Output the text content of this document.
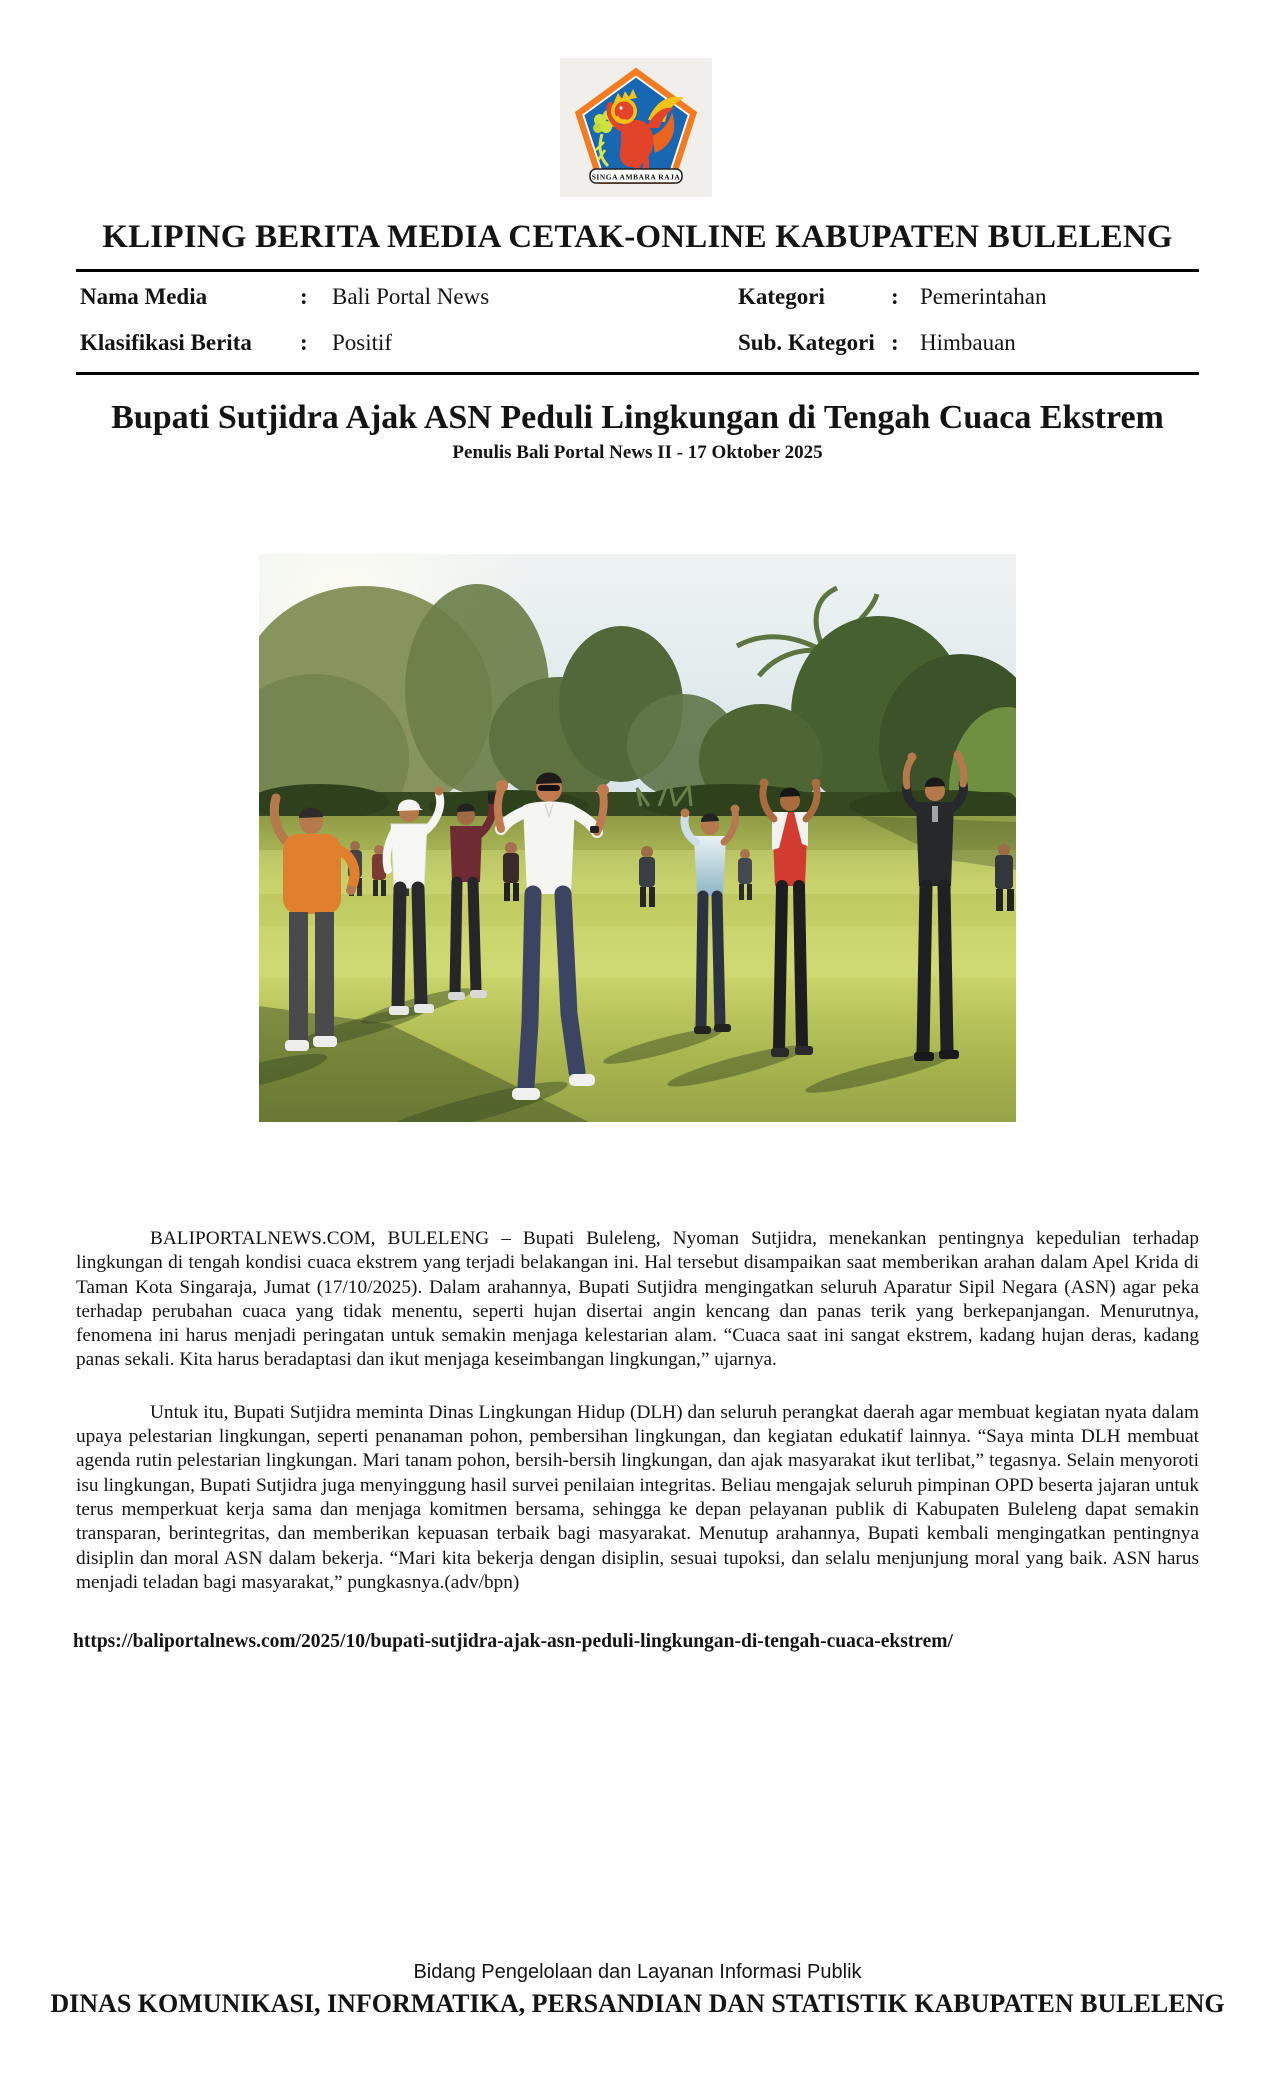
SINGA AMBARA RAJA
KLIPING BERITA MEDIA CETAK-ONLINE KABUPATEN BULELENG
Nama Media	: Bali Portal News	Kategori	: Pemerintahan
Klasifikasi Berita : Positif	Sub. Kategori : Himbauan
Bupati Sutjidra Ajak ASN Peduli Lingkungan di Tengah Cuaca Ekstrem
Penulis Bali Portal News II - 17 Oktober 2025

BALIPORTALNEWS.COM, BULELENG – Bupati Buleleng, Nyoman Sutjidra, menekankan pentingnya kepedulian terhadap lingkungan di tengah kondisi cuaca ekstrem yang terjadi belakangan ini. Hal tersebut disampaikan saat memberikan arahan dalam Apel Krida di Taman Kota Singaraja, Jumat (17/10/2025). Dalam arahannya, Bupati Sutjidra mengingatkan seluruh Aparatur Sipil Negara (ASN) agar peka terhadap perubahan cuaca yang tidak menentu, seperti hujan disertai angin kencang dan panas terik yang berkepanjangan. Menurutnya, fenomena ini harus menjadi peringatan untuk semakin menjaga kelestarian alam. “Cuaca saat ini sangat ekstrem, kadang hujan deras, kadang panas sekali. Kita harus beradaptasi dan ikut menjaga keseimbangan lingkungan,” ujarnya.

Untuk itu, Bupati Sutjidra meminta Dinas Lingkungan Hidup (DLH) dan seluruh perangkat daerah agar membuat kegiatan nyata dalam upaya pelestarian lingkungan, seperti penanaman pohon, pembersihan lingkungan, dan kegiatan edukatif lainnya. “Saya minta DLH membuat agenda rutin pelestarian lingkungan. Mari tanam pohon, bersih-bersih lingkungan, dan ajak masyarakat ikut terlibat,” tegasnya. Selain menyoroti isu lingkungan, Bupati Sutjidra juga menyinggung hasil survei penilaian integritas. Beliau mengajak seluruh pimpinan OPD beserta jajaran untuk terus memperkuat kerja sama dan menjaga komitmen bersama, sehingga ke depan pelayanan publik di Kabupaten Buleleng dapat semakin transparan, berintegritas, dan memberikan kepuasan terbaik bagi masyarakat. Menutup arahannya, Bupati kembali mengingatkan pentingnya disiplin dan moral ASN dalam bekerja. “Mari kita bekerja dengan disiplin, sesuai tupoksi, dan selalu menjunjung moral yang baik. ASN harus menjadi teladan bagi masyarakat,” pungkasnya.(adv/bpn)

https://baliportalnews.com/2025/10/bupati-sutjidra-ajak-asn-peduli-lingkungan-di-tengah-cuaca-ekstrem/
Bidang Pengelolaan dan Layanan Informasi Publik
DINAS KOMUNIKASI, INFORMATIKA, PERSANDIAN DAN STATISTIK KABUPATEN BULELENG
